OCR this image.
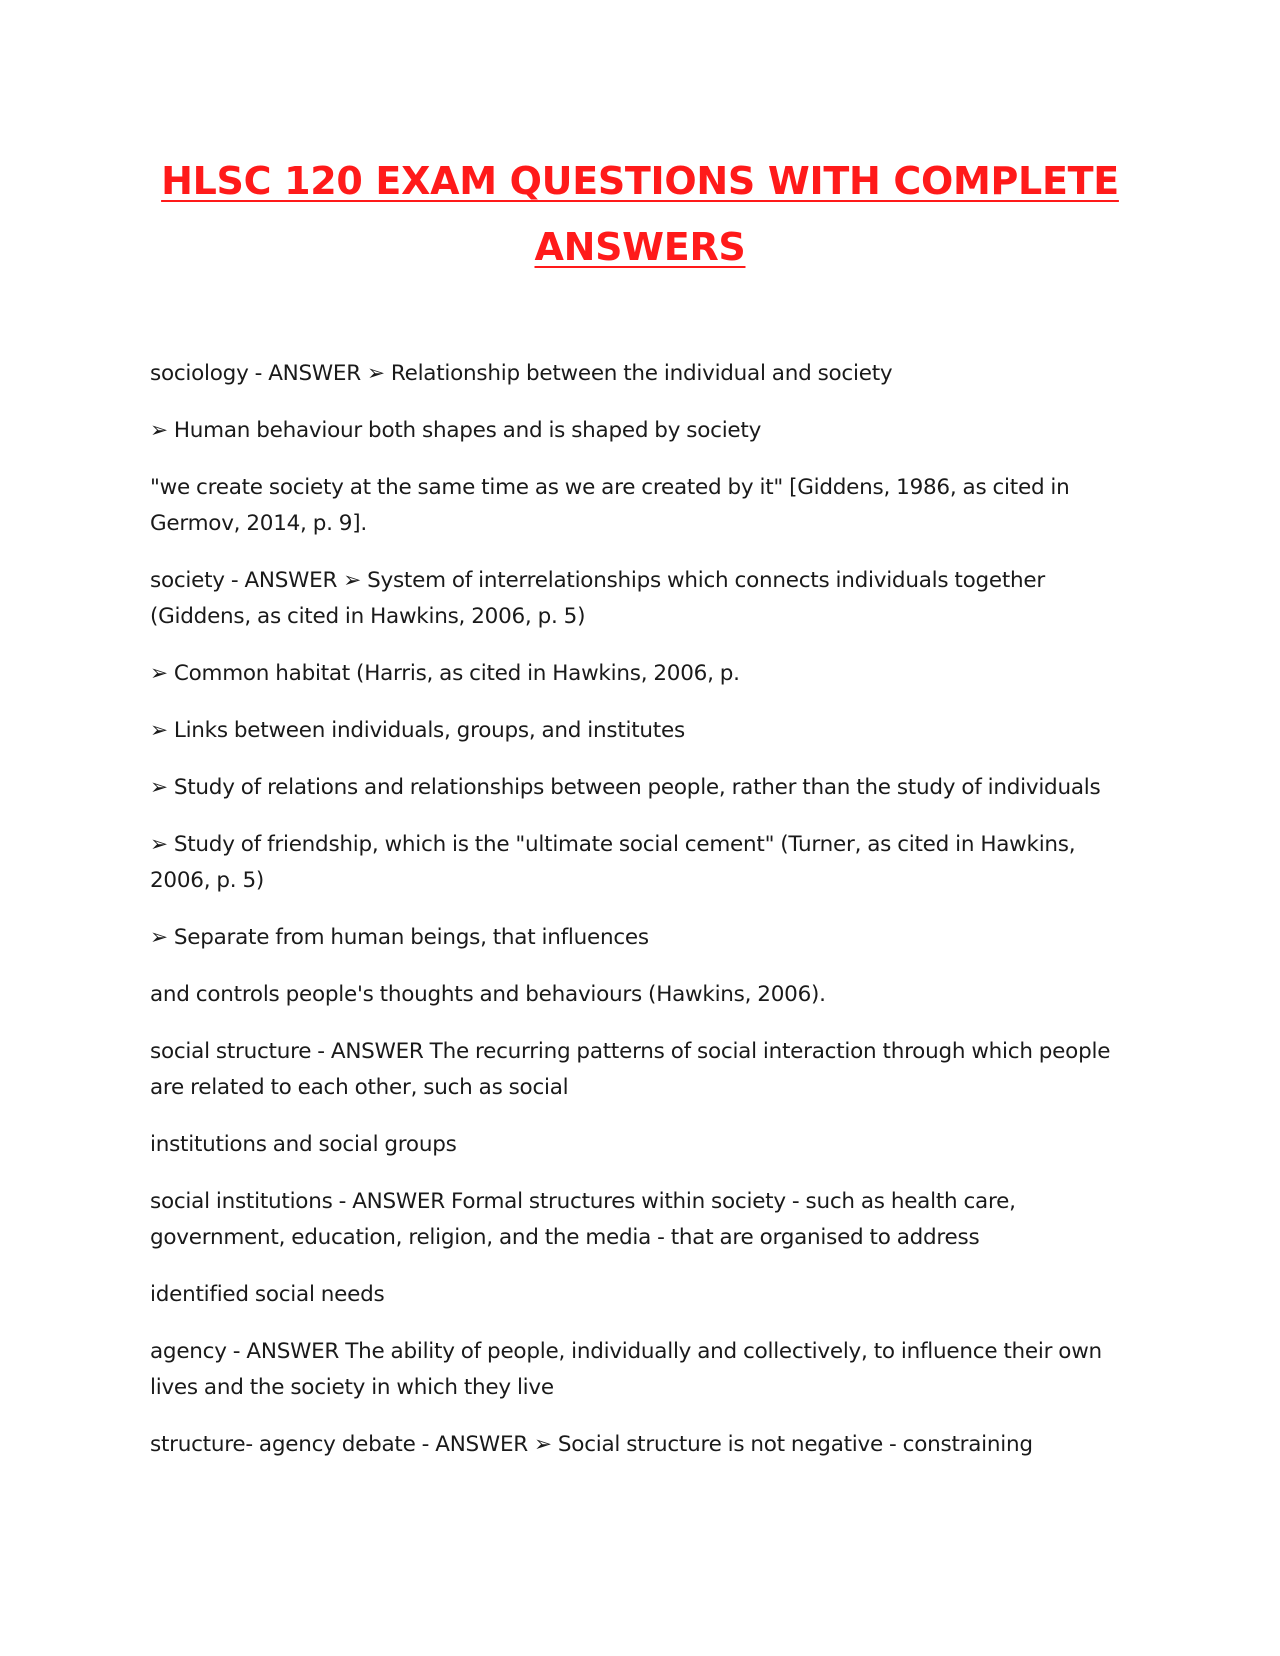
HLSC 120 EXAM QUESTIONS WITH COMPLETE ANSWERS

sociology - ANSWER ➢ Relationship between the individual and society

➢ Human behaviour both shapes and is shaped by society

"we create society at the same time as we are created by it" [Giddens, 1986, as cited in Germov, 2014, p. 9].

society - ANSWER ➢ System of interrelationships which connects individuals together (Giddens, as cited in Hawkins, 2006, p. 5)

➢ Common habitat (Harris, as cited in Hawkins, 2006, p.

➢ Links between individuals, groups, and institutes

➢ Study of relations and relationships between people, rather than the study of individuals

➢ Study of friendship, which is the "ultimate social cement" (Turner, as cited in Hawkins, 2006, p. 5)

➢ Separate from human beings, that influences

and controls people's thoughts and behaviours (Hawkins, 2006).

social structure - ANSWER The recurring patterns of social interaction through which people are related to each other, such as social

institutions and social groups

social institutions - ANSWER Formal structures within society - such as health care, government, education, religion, and the media - that are organised to address

identified social needs

agency - ANSWER The ability of people, individually and collectively, to influence their own lives and the society in which they live

structure- agency debate - ANSWER ➢ Social structure is not negative - constraining
